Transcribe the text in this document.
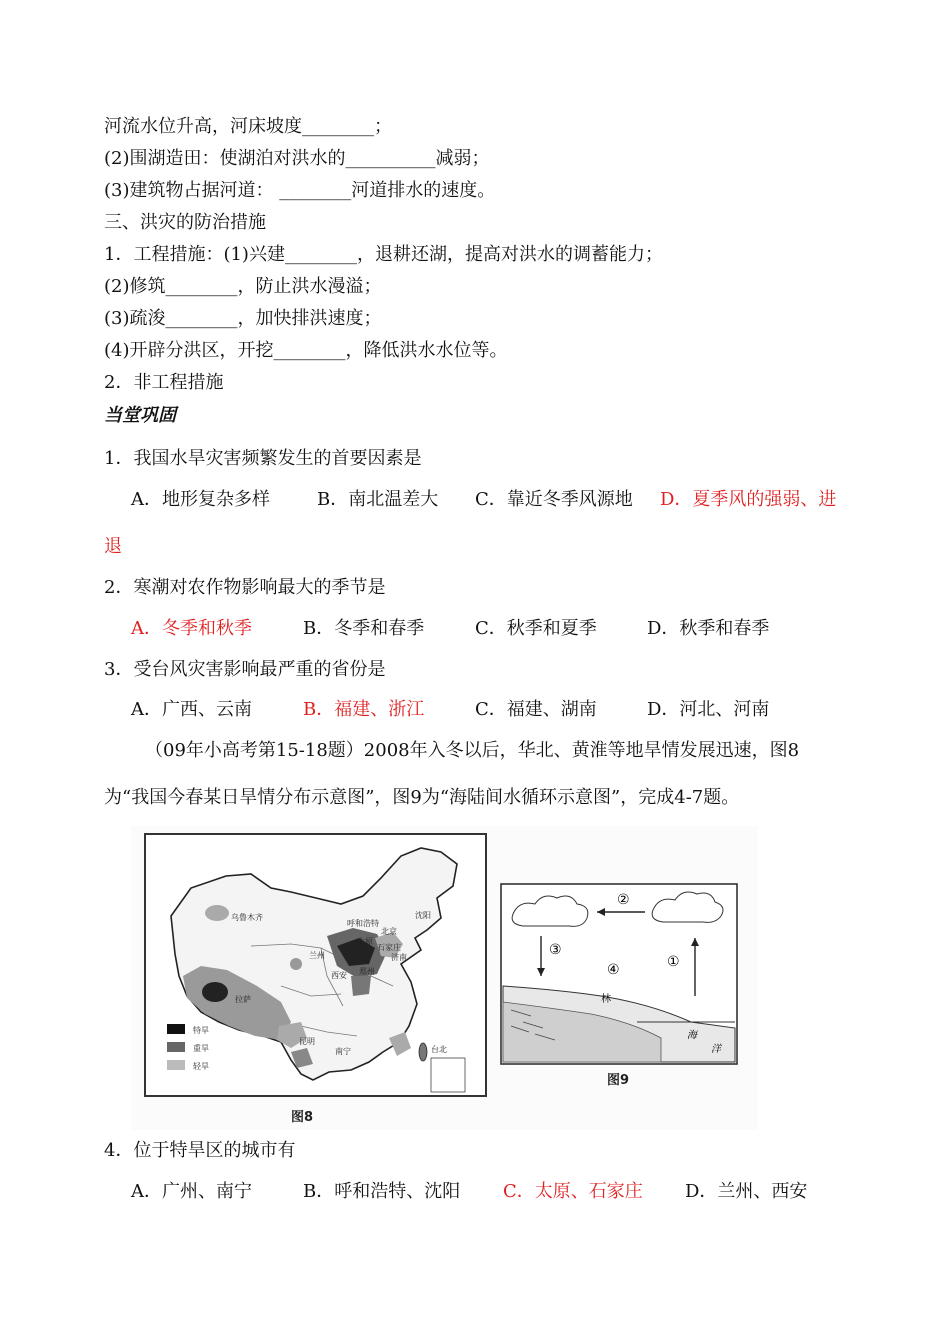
河流水位升高，河床坡度________；
(2)围湖造田：使湖泊对洪水的__________减弱；
(3)建筑物占据河道： ________河道排水的速度。
三、洪灾的防治措施
1．工程措施：(1)兴建________，退耕还湖，提高对洪水的调蓄能力；
(2)修筑________，防止洪水漫溢；
(3)疏浚________，加快排洪速度；
(4)开辟分洪区，开挖________，降低洪水水位等。
2．非工程措施
当堂巩固
1．我国水旱灾害频繁发生的首要因素是
A．地形复杂多样	B．南北温差大 C．靠近冬季风源地 D．夏季风的强弱、进
退
2．寒潮对农作物影响最大的季节是
A．冬季和秋季	B．冬季和春季	C．秋季和夏季	D．秋季和春季
3．受台风灾害影响最严重的省份是
A．广西、云南	B．福建、浙江	C．福建、湖南	D．河北、河南
（09年小高考第15-18题）2008年入冬以后，华北、黄淮等地旱情发展迅速，图8
为“我国今春某日旱情分布示意图”，图9为“海陆间水循环示意图”，完成4-7题。
乌鲁木齐
呼和浩特
沈阳
北京
太原
石家庄
兰州	济南
郑州
西安
拉萨
昆明
南宁	台北
特旱
重旱
轻旱
图8
②
③
①
④
林
海
洋
图9
4．位于特旱区的城市有
A．广州、南宁	B．呼和浩特、沈阳 C．太原、石家庄 D．兰州、西安
